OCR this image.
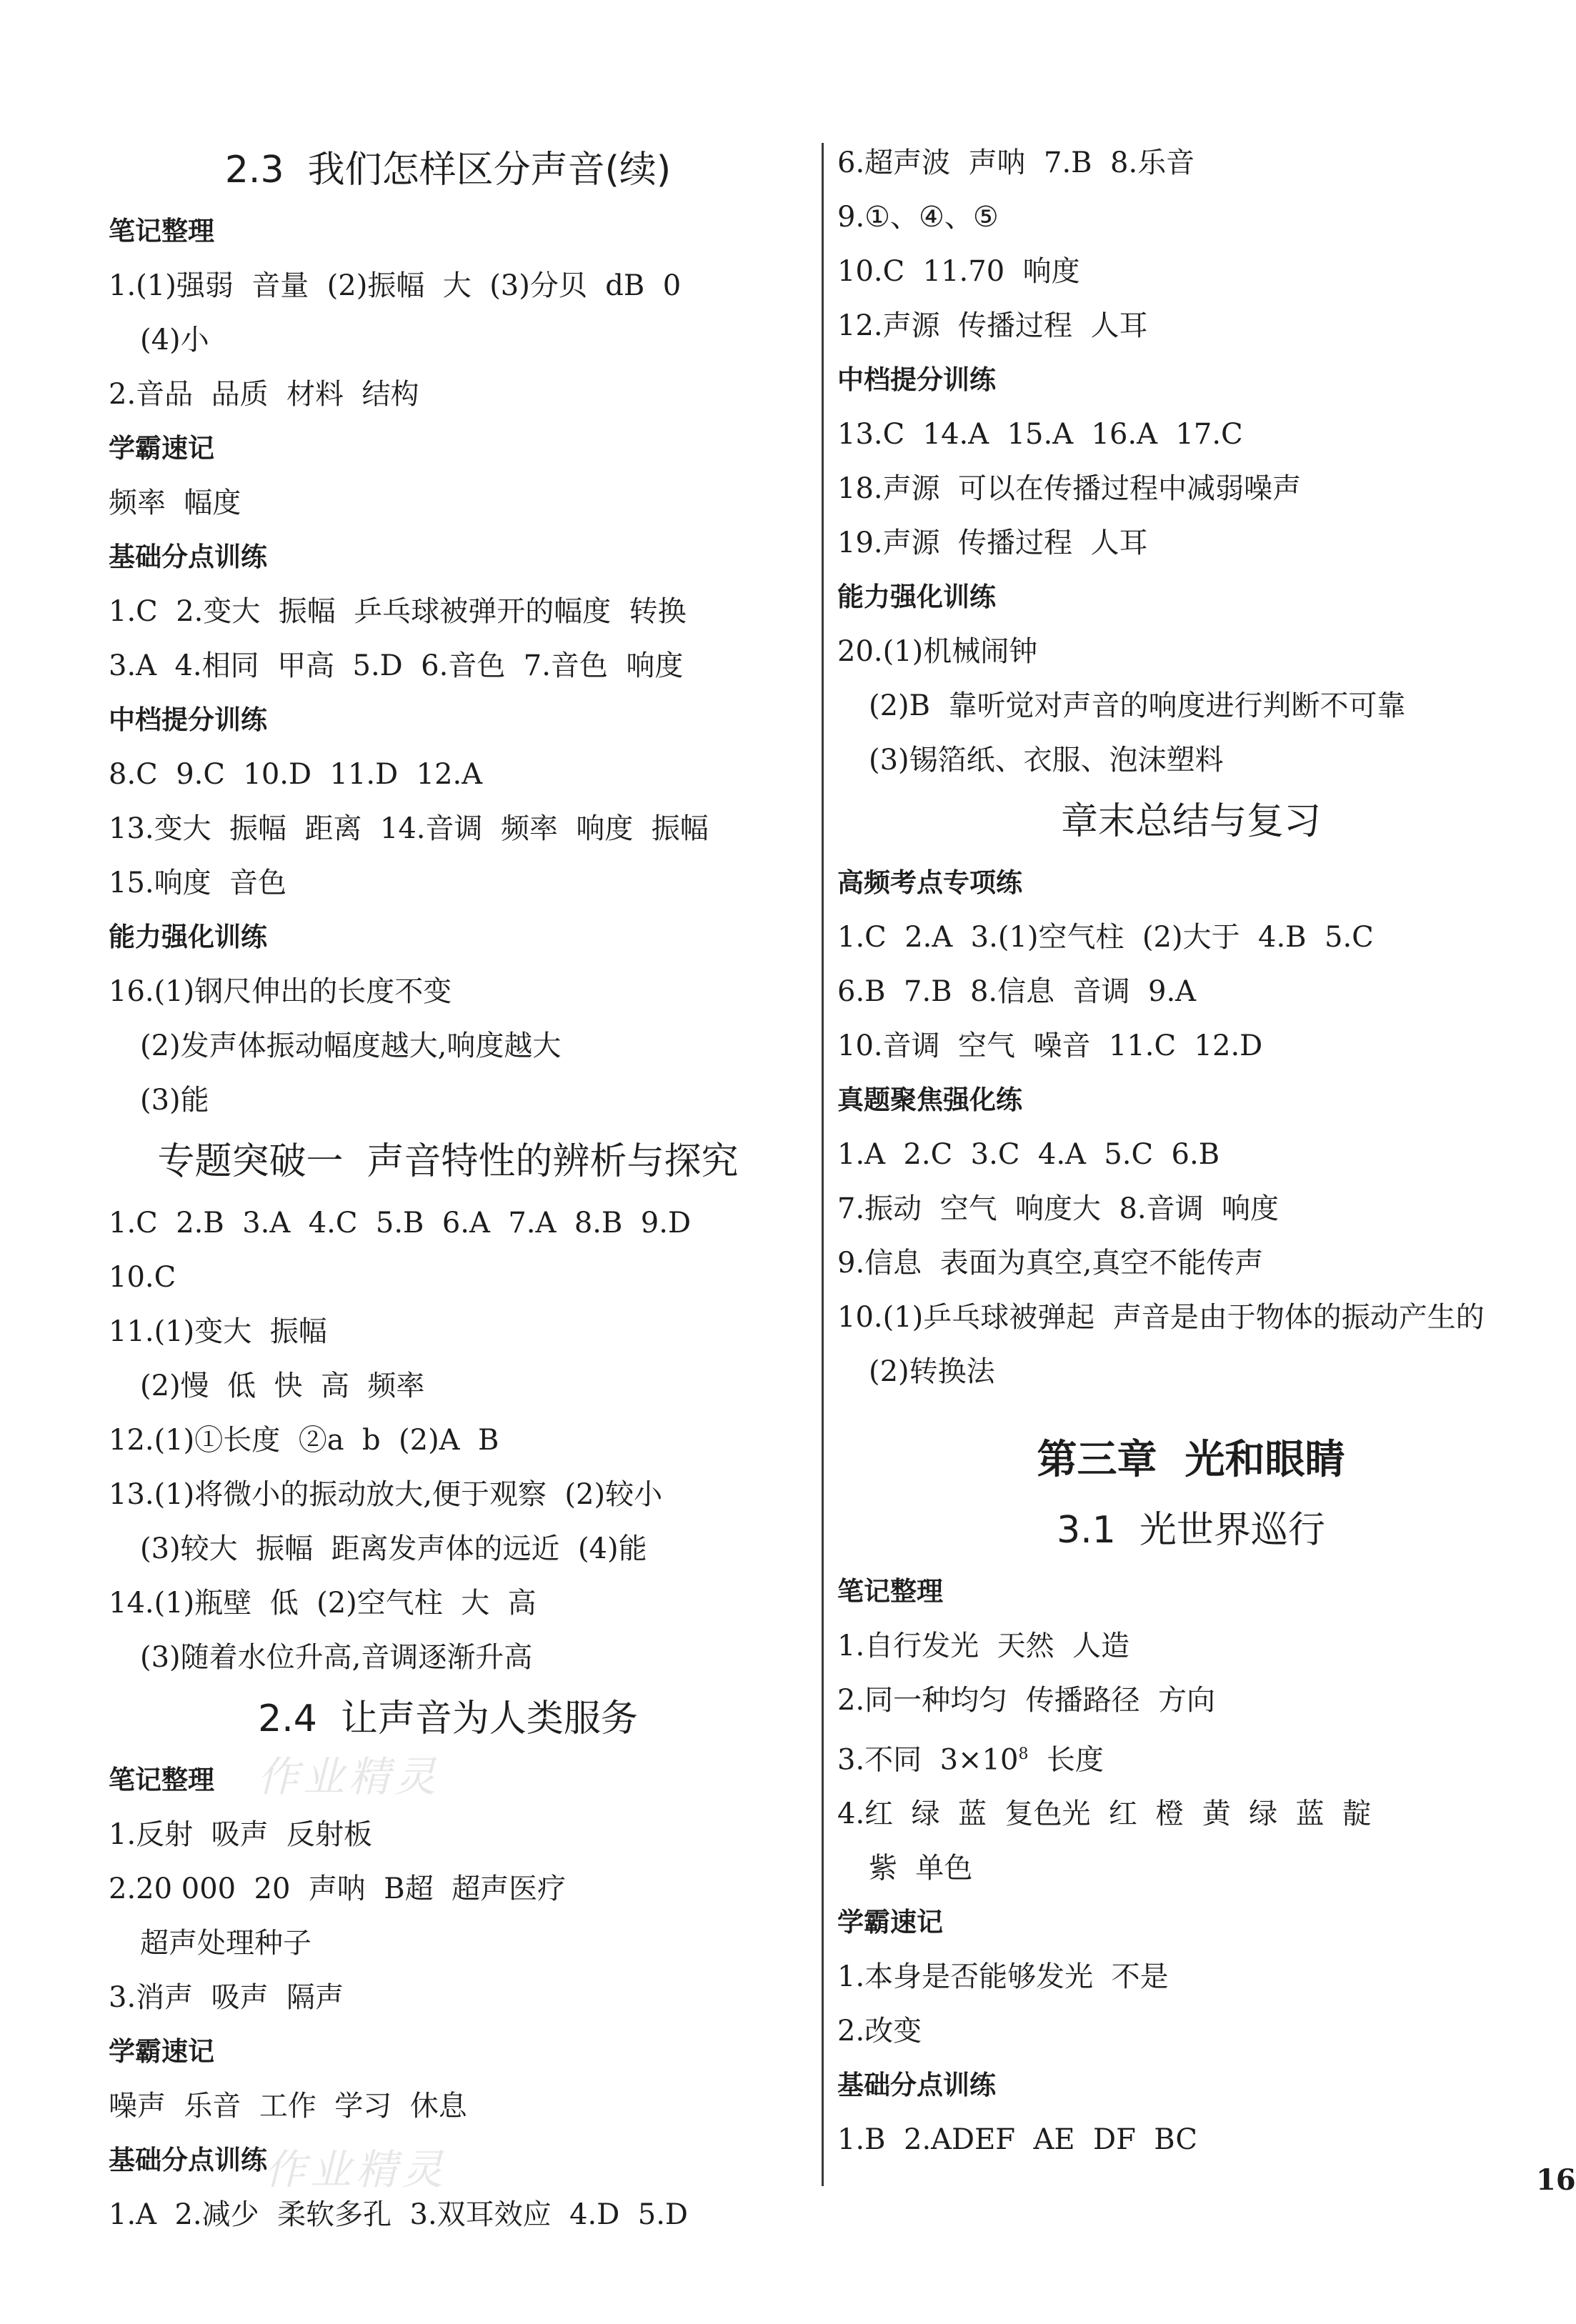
2.3  我们怎样区分声音(续)
笔记整理
1.(1)强弱  音量  (2)振幅  大  (3)分贝  dB  0
(4)小
2.音品  品质  材料  结构
学霸速记
频率  幅度
基础分点训练
1.C  2.变大  振幅  乒乓球被弹开的幅度  转换
3.A  4.相同  甲高  5.D  6.音色  7.音色  响度
中档提分训练
8.C  9.C  10.D  11.D  12.A
13.变大  振幅  距离  14.音调  频率  响度  振幅
15.响度  音色
能力强化训练
16.(1)钢尺伸出的长度不变
(2)发声体振动幅度越大,响度越大
(3)能
专题突破一  声音特性的辨析与探究
1.C  2.B  3.A  4.C  5.B  6.A  7.A  8.B  9.D
10.C
11.(1)变大  振幅
(2)慢  低  快  高  频率
12.(1)①长度  ②a  b  (2)A  B
13.(1)将微小的振动放大,便于观察  (2)较小
(3)较大  振幅  距离发声体的远近  (4)能
14.(1)瓶壁  低  (2)空气柱  大  高
(3)随着水位升高,音调逐渐升高
2.4  让声音为人类服务
笔记整理
1.反射  吸声  反射板
2.20 000  20  声呐  B超  超声医疗
超声处理种子
3.消声  吸声  隔声
学霸速记
噪声  乐音  工作  学习  休息
基础分点训练
1.A  2.减少  柔软多孔  3.双耳效应  4.D  5.D
6.超声波  声呐  7.B  8.乐音
9.①、④、⑤
10.C  11.70  响度
12.声源  传播过程  人耳
中档提分训练
13.C  14.A  15.A  16.A  17.C
18.声源  可以在传播过程中减弱噪声
19.声源  传播过程  人耳
能力强化训练
20.(1)机械闹钟
(2)B  靠听觉对声音的响度进行判断不可靠
(3)锡箔纸、衣服、泡沫塑料
章末总结与复习
高频考点专项练
1.C  2.A  3.(1)空气柱  (2)大于  4.B  5.C
6.B  7.B  8.信息  音调  9.A
10.音调  空气  噪音  11.C  12.D
真题聚焦强化练
1.A  2.C  3.C  4.A  5.C  6.B
7.振动  空气  响度大  8.音调  响度
9.信息  表面为真空,真空不能传声
10.(1)乒乓球被弹起  声音是由于物体的振动产生的
(2)转换法
第三章  光和眼睛
3.1  光世界巡行
笔记整理
1.自行发光  天然  人造
2.同一种均匀  传播路径  方向
3.不同  $3\times 10^8$  长度
4.红  绿  蓝  复色光  红  橙  黄  绿  蓝  靛
紫  单色
学霸速记
1.本身是否能够发光  不是
2.改变
基础分点训练
1.B  2.ADEF  AE  DF  BC
作业精灵
作业精灵	16
